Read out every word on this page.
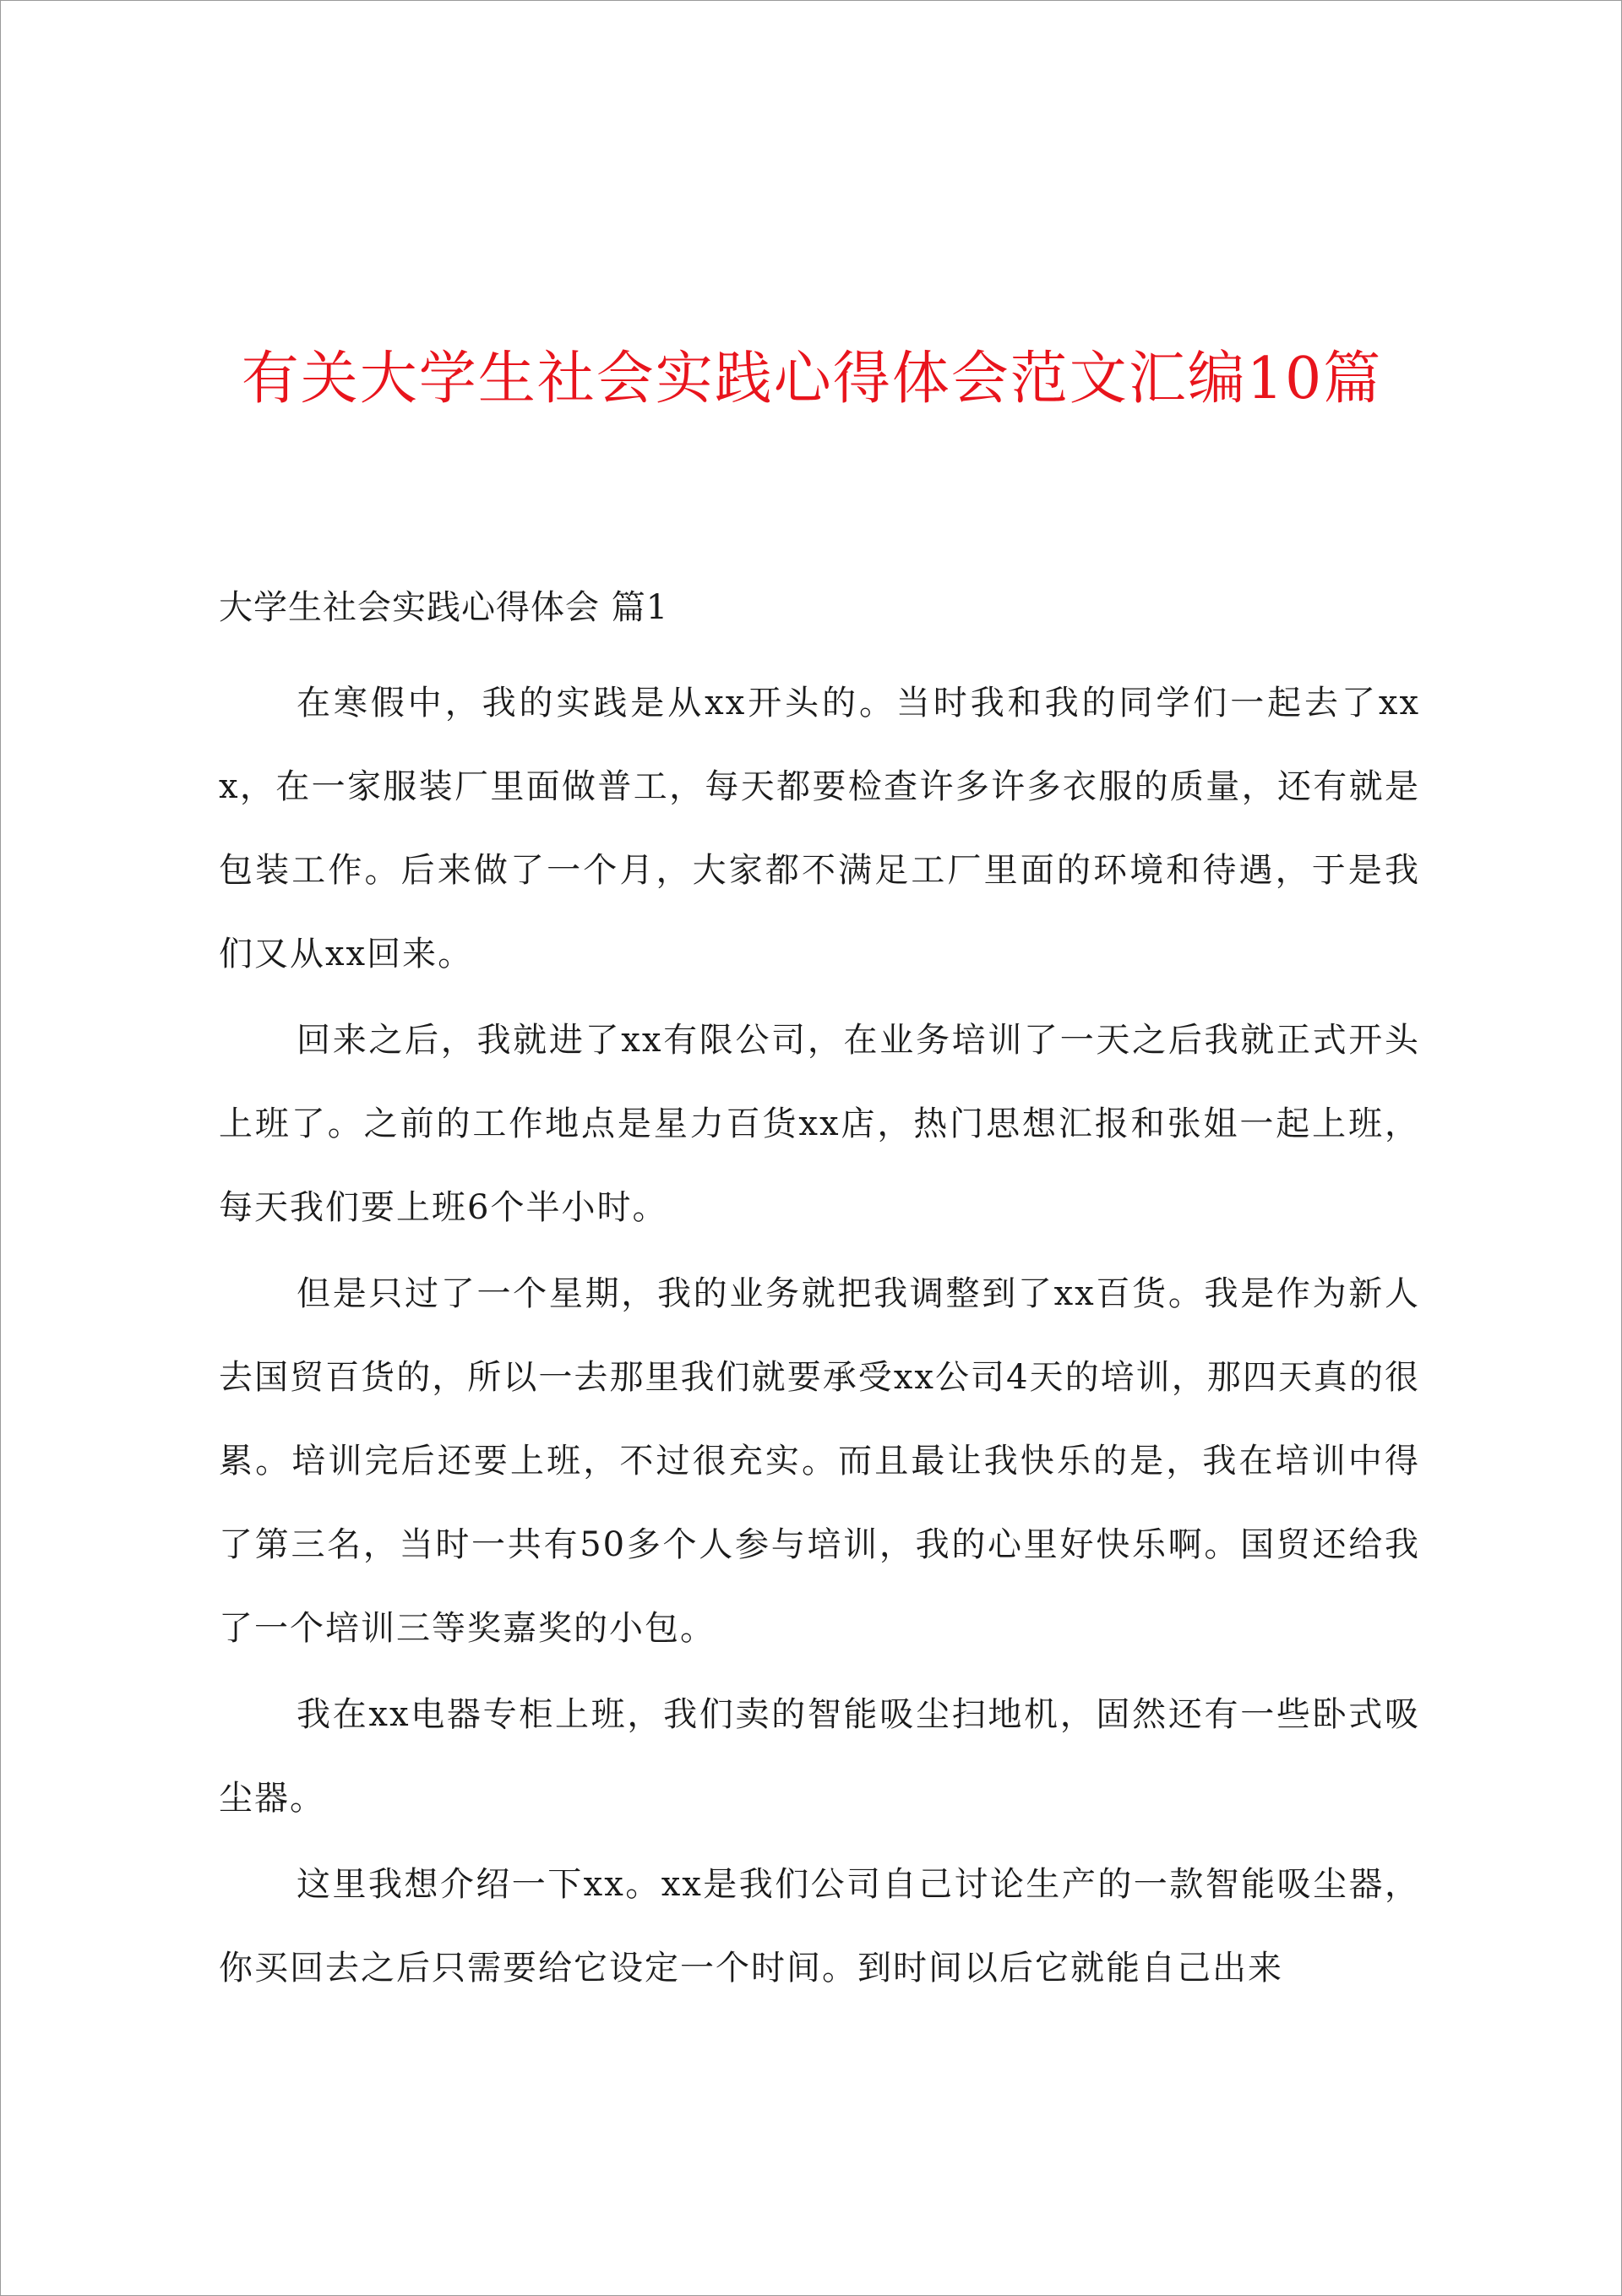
有关大学生社会实践心得体会范文汇编10篇
大学生社会实践心得体会 篇1

在寒假中，我的实践是从xx开头的。当时我和我的同学们一起去了xxx，在一家服装厂里面做普工，每天都要检查许多许多衣服的质量，还有就是包装工作。后来做了一个月，大家都不满足工厂里面的环境和待遇，于是我们又从xx回来。

回来之后，我就进了xx有限公司，在业务培训了一天之后我就正式开头上班了。之前的工作地点是星力百货xx店，热门思想汇报和张姐一起上班，每天我们要上班6个半小时。

但是只过了一个星期，我的业务就把我调整到了xx百货。我是作为新人去国贸百货的，所以一去那里我们就要承受xx公司4天的培训，那四天真的很累。培训完后还要上班，不过很充实。而且最让我快乐的是，我在培训中得了第三名，当时一共有50多个人参与培训，我的心里好快乐啊。国贸还给我了一个培训三等奖嘉奖的小包。

我在xx电器专柜上班，我们卖的智能吸尘扫地机，固然还有一些卧式吸尘器。

这里我想介绍一下xx。xx是我们公司自己讨论生产的一款智能吸尘器，你买回去之后只需要给它设定一个时间。到时间以后它就能自己出来
